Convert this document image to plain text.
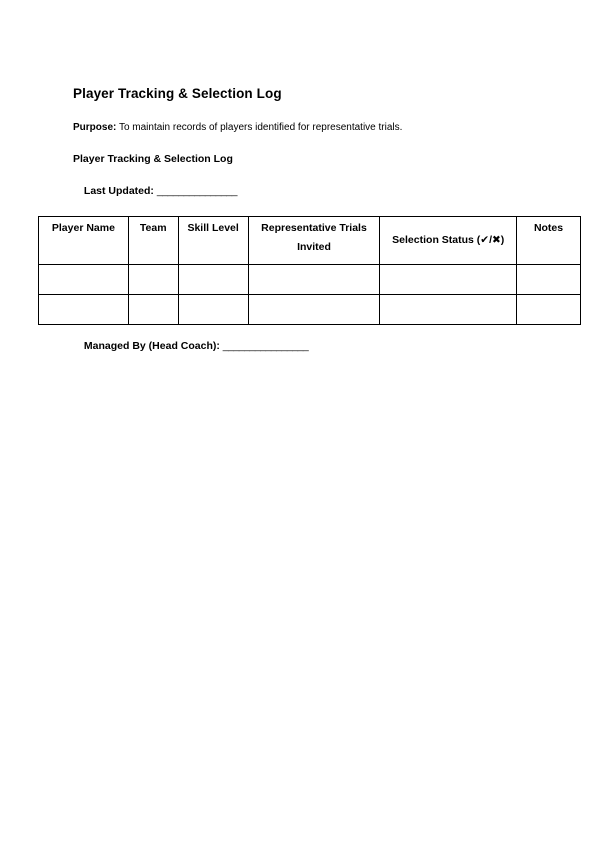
Player Tracking & Selection Log
Purpose: To maintain records of players identified for representative trials.
Player Tracking & Selection Log
Last Updated: _______________
Player Name	Team	Skill Level	Representative Trials Invited	Selection Status (✔/✖)	Notes

Managed By (Head Coach): ________________
